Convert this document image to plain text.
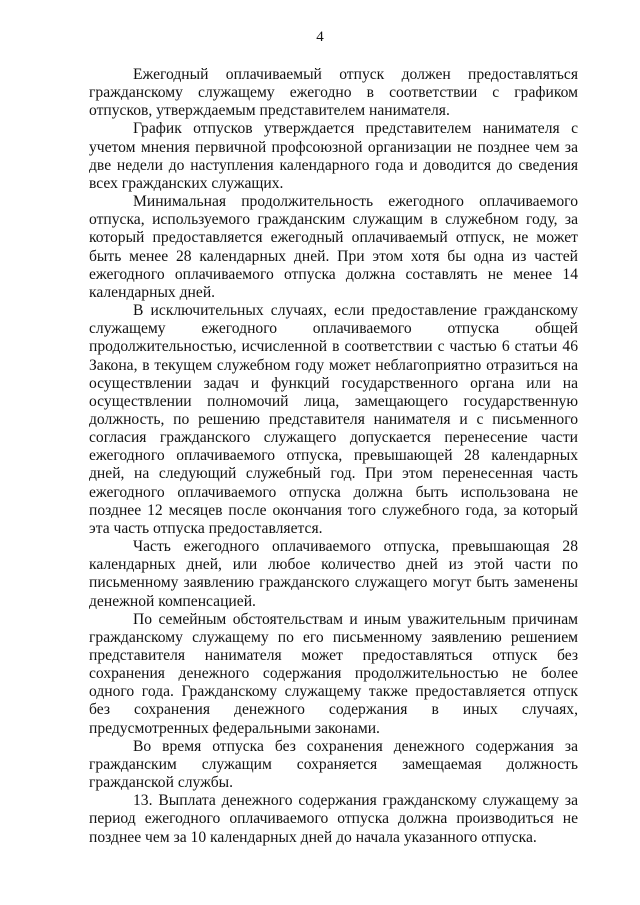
4

Ежегодный оплачиваемый отпуск должен предоставляться гражданскому служащему ежегодно в соответствии с графиком отпусков, утверждаемым представителем нанимателя.

График отпусков утверждается представителем нанимателя с учетом мнения первичной профсоюзной организации не позднее чем за две недели до наступления календарного года и доводится до сведения всех гражданских служащих.

Минимальная продолжительность ежегодного оплачиваемого отпуска, используемого гражданским служащим в служебном году, за который предоставляется ежегодный оплачиваемый отпуск, не может быть менее 28 календарных дней. При этом хотя бы одна из частей ежегодного оплачиваемого отпуска должна составлять не менее 14 календарных дней.

В исключительных случаях, если предоставление гражданскому служащему ежегодного оплачиваемого отпуска общей продолжительностью, исчисленной в соответствии с частью 6 статьи 46 Закона, в текущем служебном году может неблагоприятно отразиться на осуществлении задач и функций государственного органа или на осуществлении полномочий лица, замещающего государственную должность, по решению представителя нанимателя и с письменного согласия гражданского служащего допускается перенесение части ежегодного оплачиваемого отпуска, превышающей 28 календарных дней, на следующий служебный год. При этом перенесенная часть ежегодного оплачиваемого отпуска должна быть использована не позднее 12 месяцев после окончания того служебного года, за который эта часть отпуска предоставляется.

Часть ежегодного оплачиваемого отпуска, превышающая 28 календарных дней, или любое количество дней из этой части по письменному заявлению гражданского служащего могут быть заменены денежной компенсацией.

По семейным обстоятельствам и иным уважительным причинам гражданскому служащему по его письменному заявлению решением представителя нанимателя может предоставляться отпуск без сохранения денежного содержания продолжительностью не более одного года. Гражданскому служащему также предоставляется отпуск без сохранения денежного содержания в иных случаях, предусмотренных федеральными законами.

Во время отпуска без сохранения денежного содержания за гражданским служащим сохраняется замещаемая должность гражданской службы.

13. Выплата денежного содержания гражданскому служащему за период ежегодного оплачиваемого отпуска должна производиться не позднее чем за 10 календарных дней до начала указанного отпуска.
